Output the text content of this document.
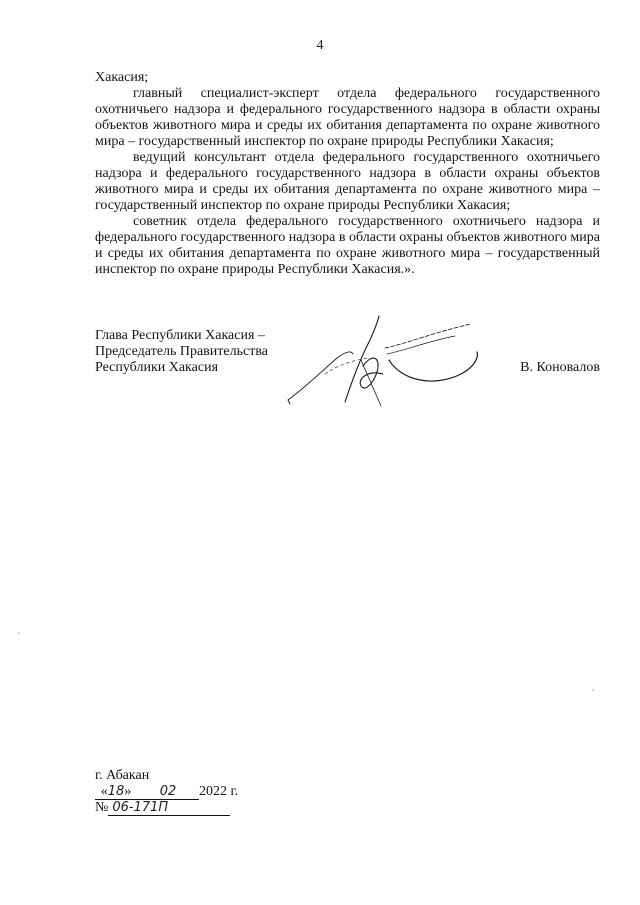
4

Хакасия;

главный специалист-эксперт отдела федерального государственного охотничьего надзора и федерального государственного надзора в области охраны объектов животного мира и среды их обитания департамента по охране животного мира – государственный инспектор по охране природы Республики Хакасия;

ведущий консультант отдела федерального государственного охотничьего надзора и федерального государственного надзора в области охраны объектов животного мира и среды их обитания департамента по охране животного мира – государственный инспектор по охране природы Республики Хакасия;

советник отдела федерального государственного охотничьего надзора и федерального государственного надзора в области охраны объектов животного мира и среды их обитания департамента по охране животного мира – государственный инспектор по охране природы Республики Хакасия.».

Глава Республики Хакасия –
Председатель Правительства
Республики Хакасия	В. Коновалов
г. Абакан
«18» 02 2022 г.
№ 06-171П
